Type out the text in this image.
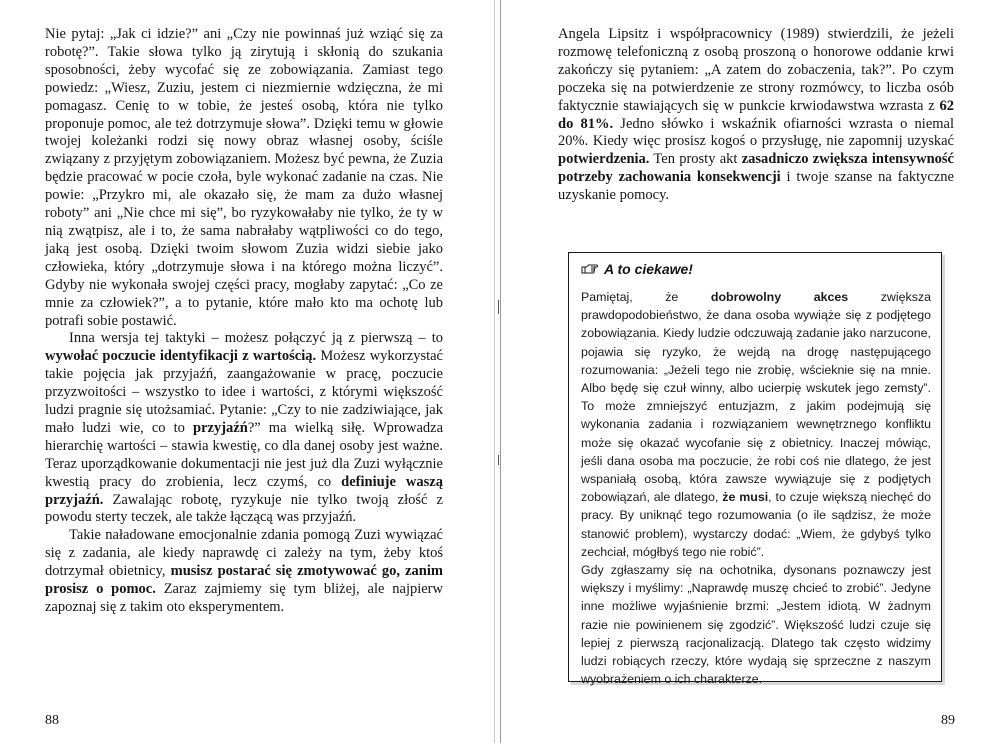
Nie pytaj: „Jak ci idzie?” ani „Czy nie powinnaś już wziąć się za robotę?”. Takie słowa tylko ją zirytują i skłonią do szukania sposobności, żeby wycofać się ze zobowiązania. Zamiast tego powiedz: „Wiesz, Zuziu, jestem ci niezmiernie wdzięczna, że mi pomagasz. Cenię to w tobie, że jesteś osobą, która nie tylko proponuje pomoc, ale też dotrzymuje słowa”. Dzięki temu w głowie twojej koleżanki rodzi się nowy obraz własnej osoby, ściśle związany z przyjętym zobowiązaniem. Możesz być pewna, że Zuzia będzie pracować w pocie czoła, byle wykonać zadanie na czas. Nie powie: „Przykro mi, ale okazało się, że mam za dużo własnej roboty” ani „Nie chce mi się”, bo ryzykowałaby nie tylko, że ty w nią zwątpisz, ale i to, że sama nabrałaby wątpliwości co do tego, jaką jest osobą. Dzięki twoim słowom Zuzia widzi siebie jako człowieka, który „dotrzymuje słowa i na którego można liczyć”. Gdyby nie wykonała swojej części pracy, mogłaby zapytać: „Co ze mnie za człowiek?”, a to pytanie, które mało kto ma ochotę lub potrafi sobie postawić.

Inna wersja tej taktyki – możesz połączyć ją z pierwszą – to wywołać poczucie identyfikacji z wartością. Możesz wykorzystać takie pojęcia jak przyjaźń, zaangażowanie w pracę, poczucie przyzwoitości – wszystko to idee i wartości, z którymi większość ludzi pragnie się utożsamiać. Pytanie: „Czy to nie zadziwiające, jak mało ludzi wie, co to przyjaźń?” ma wielką siłę. Wprowadza hierarchię wartości – stawia kwestię, co dla danej osoby jest ważne. Teraz uporządkowanie dokumentacji nie jest już dla Zuzi wyłącznie kwestią pracy do zrobienia, lecz czymś, co definiuje waszą przyjaźń. Zawalając robotę, ryzykuje nie tylko twoją złość z powodu sterty teczek, ale także łączącą was przyjaźń.

Takie naładowane emocjonalnie zdania pomogą Zuzi wywiązać się z zadania, ale kiedy naprawdę ci zależy na tym, żeby ktoś dotrzymał obietnicy, musisz postarać się zmotywować go, zanim prosisz o pomoc. Zaraz zajmiemy się tym bliżej, ale najpierw zapoznaj się z takim oto eksperymentem.

88

Angela Lipsitz i współpracownicy (1989) stwierdzili, że jeżeli rozmowę telefoniczną z osobą proszoną o honorowe oddanie krwi zakończy się pytaniem: „A zatem do zobaczenia, tak?”. Po czym poczeka się na potwierdzenie ze strony rozmówcy, to liczba osób faktycznie stawiających się w punkcie krwiodawstwa wzrasta z 62 do 81%. Jedno słówko i wskaźnik ofiarności wzrasta o niemal 20%. Kiedy więc prosisz kogoś o przysługę, nie zapomnij uzyskać potwierdzenia. Ten prosty akt zasadniczo zwiększa intensywność potrzeby zachowania konsekwencji i twoje szanse na faktyczne uzyskanie pomocy.

A to ciekawe!

Pamiętaj, że dobrowolny akces zwiększa prawdopodobieństwo, że dana osoba wywiąże się z podjętego zobowiązania. Kiedy ludzie odczuwają zadanie jako narzucone, pojawia się ryzyko, że wejdą na drogę następującego rozumowania: „Jeżeli tego nie zrobię, wścieknie się na mnie. Albo będę się czuł winny, albo ucierpię wskutek jego zemsty”. To może zmniejszyć entuzjazm, z jakim podejmują się wykonania zadania i rozwiązaniem wewnętrznego konfliktu może się okazać wycofanie się z obietnicy. Inaczej mówiąc, jeśli dana osoba ma poczucie, że robi coś nie dlatego, że jest wspaniałą osobą, która zawsze wywiązuje się z podjętych zobowiązań, ale dlatego, że musi, to czuje większą niechęć do pracy. By uniknąć tego rozumowania (o ile sądzisz, że może stanowić problem), wystarczy dodać: „Wiem, że gdybyś tylko zechciał, mógłbyś tego nie robić”.

Gdy zgłaszamy się na ochotnika, dysonans poznawczy jest większy i myślimy: „Naprawdę muszę chcieć to zrobić”. Jedyne inne możliwe wyjaśnienie brzmi: „Jestem idiotą. W żadnym razie nie powinienem się zgodzić”. Większość ludzi czuje się lepiej z pierwszą racjonalizacją. Dlatego tak często widzimy ludzi robiących rzeczy, które wydają się sprzeczne z naszym wyobrażeniem o ich charakterze.

89
